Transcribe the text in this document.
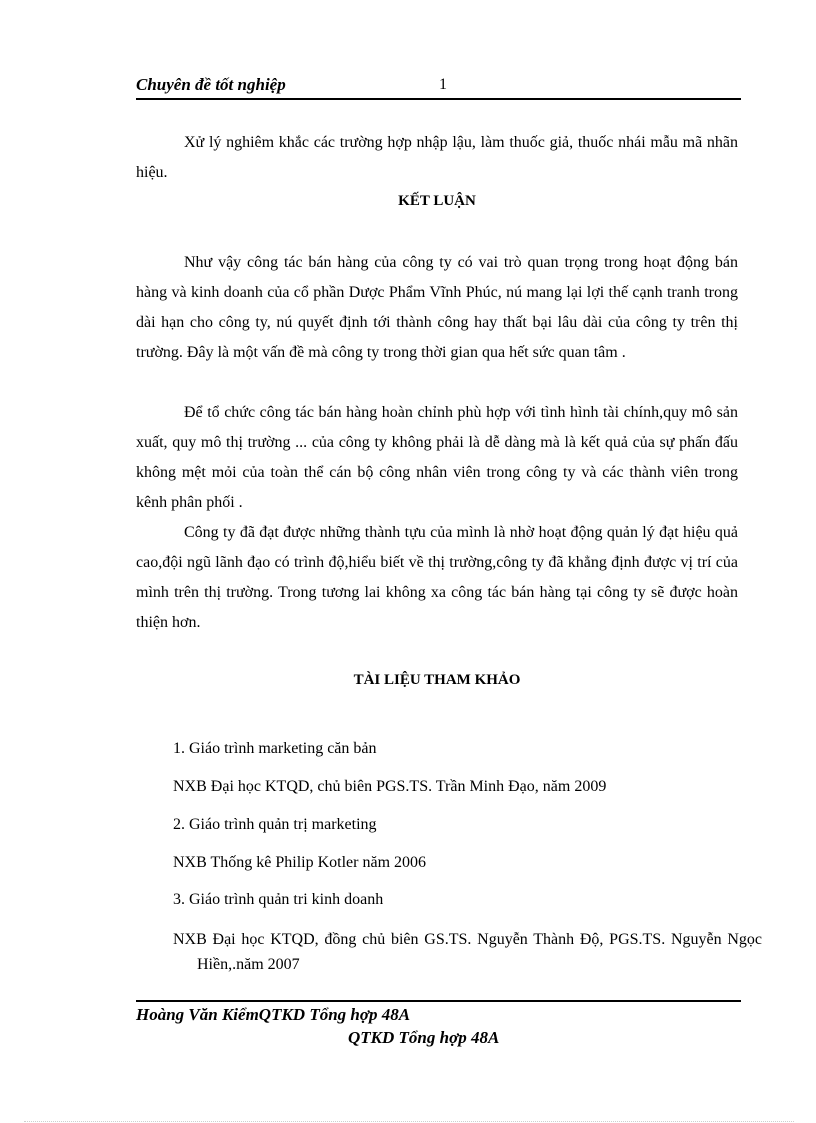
Chuyên đề tốt nghiệp	1

Xử lý nghiêm khắc các trường hợp nhập lậu, làm thuốc giả, thuốc nhái mẫu mã nhãn hiệu.

KẾT LUẬN

Như vậy công tác bán hàng của công ty có vai trò quan trọng trong hoạt động bán hàng và kinh doanh của cổ phần Dược Phẩm Vĩnh Phúc, nú mang lại lợi thế cạnh tranh trong dài hạn cho công ty, nú quyết định tới thành công hay thất bại lâu dài của công ty trên thị trường. Đây là một vấn đề mà công ty trong thời gian qua hết sức quan tâm .

Để tổ chức công tác bán hàng hoàn chỉnh phù hợp với tình hình tài chính,quy mô sản xuất, quy mô thị trường ... của công ty không phải là dễ dàng mà là kết quả của sự phấn đấu không mệt mỏi của toàn thể cán bộ công nhân viên trong công ty và các thành viên trong kênh phân phối .

Công ty đã đạt được những thành tựu của mình là nhờ hoạt động quản lý đạt hiệu quả cao,đội ngũ lãnh đạo có trình độ,hiểu biết về thị trường,công ty đã khẳng định được vị trí của mình trên thị trường. Trong tương lai không xa công tác bán hàng tại công ty sẽ được hoàn thiện hơn.

TÀI LIỆU THAM KHẢO

1. Giáo trình marketing căn bản

NXB Đại học KTQD, chủ biên PGS.TS. Trần Minh Đạo, năm 2009

2. Giáo trình quản trị marketing

NXB Thống kê Philip Kotler năm 2006

3. Giáo trình quản tri kinh doanh

NXB Đại học KTQD, đồng chủ biên GS.TS. Nguyễn Thành Độ, PGS.TS. Nguyễn Ngọc Hiền,.năm 2007

Hoàng Văn KiểmQTKD Tổng hợp 48A
QTKD Tổng hợp 48A
